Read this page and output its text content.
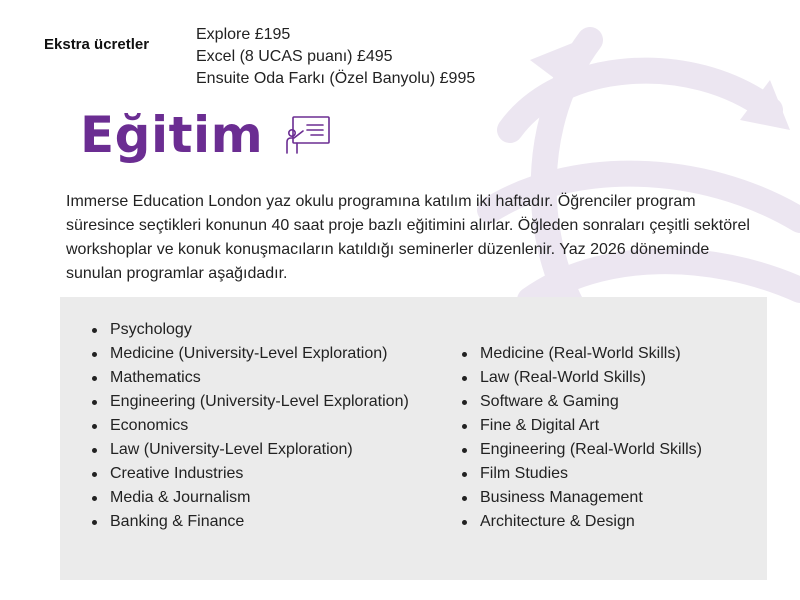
Ekstra ücretler
Explore £195
Excel (8 UCAS puanı) £495
Ensuite Oda Farkı (Özel Banyolu) £995
Eğitim

Immerse Education London yaz okulu programına katılım iki haftadır. Öğrenciler program süresince seçtikleri konunun 40 saat proje bazlı eğitimini alırlar. Öğleden sonraları çeşitli sektörel workshoplar ve konuk konuşmacıların katıldığı seminerler düzenlenir. Yaz 2026 döneminde sunulan programlar aşağıdadır.

Psychology
Medicine (University-Level Exploration)
Mathematics
Engineering (University-Level Exploration)
Economics
Law (University-Level Exploration)
Creative Industries
Media & Journalism
Banking & Finance
Medicine (Real-World Skills)
Law (Real-World Skills)
Software & Gaming
Fine & Digital Art
Engineering (Real-World Skills)
Film Studies
Business Management
Architecture & Design
